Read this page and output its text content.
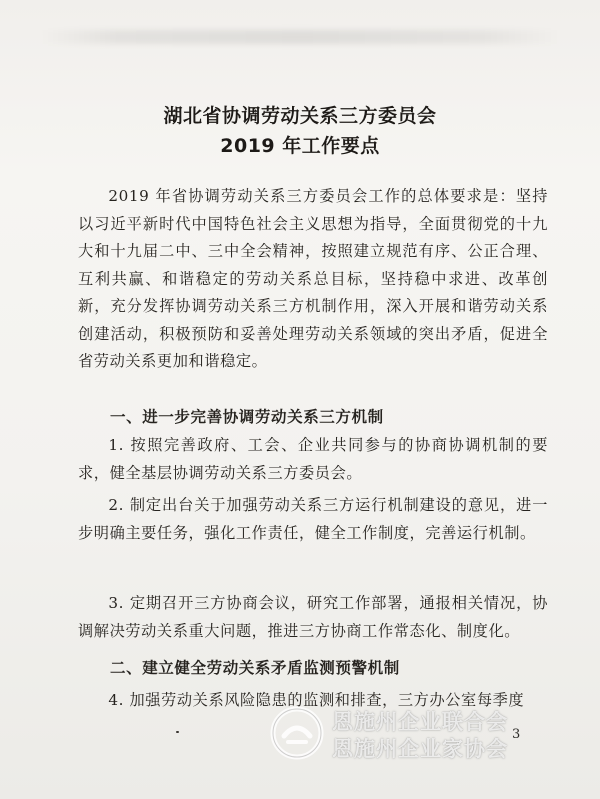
湖北省协调劳动关系三方委员会
2019 年工作要点

2019 年省协调劳动关系三方委员会工作的总体要求是：坚持以习近平新时代中国特色社会主义思想为指导，全面贯彻党的十九大和十九届二中、三中全会精神，按照建立规范有序、公正合理、互利共赢、和谐稳定的劳动关系总目标，坚持稳中求进、改革创新，充分发挥协调劳动关系三方机制作用，深入开展和谐劳动关系创建活动，积极预防和妥善处理劳动关系领域的突出矛盾，促进全省劳动关系更加和谐稳定。

一、进一步完善协调劳动关系三方机制

1. 按照完善政府、工会、企业共同参与的协商协调机制的要求，健全基层协调劳动关系三方委员会。

2. 制定出台关于加强劳动关系三方运行机制建设的意见，进一步明确主要任务，强化工作责任，健全工作制度，完善运行机制。

3. 定期召开三方协商会议，研究工作部署，通报相关情况，协调解决劳动关系重大问题，推进三方协商工作常态化、制度化。

二、建立健全劳动关系矛盾监测预警机制

4. 加强劳动关系风险隐患的监测和排查，三方办公室每季度

3
恩施州企业联合会
恩施州企业家协会
